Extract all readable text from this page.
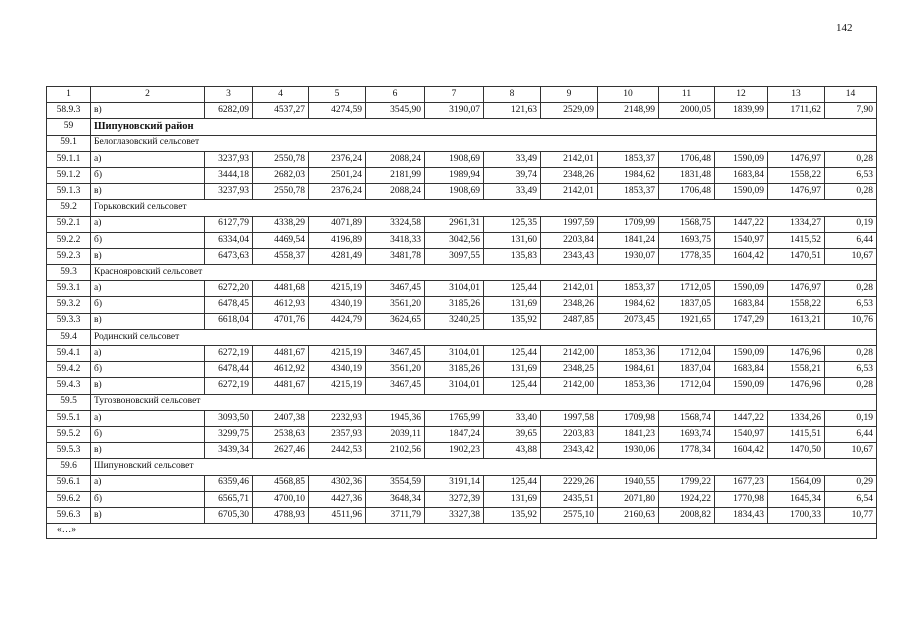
142
1	2	3	4	5	6	7	8	9	10	11	12	13	14
58.9.3	в)	6282,09	4537,27	4274,59	3545,90	3190,07	121,63	2529,09	2148,99	2000,05	1839,99	1711,62	7,90
59	Шипуновский район												
59.1	Белоглазовский сельсовет												
59.1.1	а)	3237,93	2550,78	2376,24	2088,24	1908,69	33,49	2142,01	1853,37	1706,48	1590,09	1476,97	0,28
59.1.2	б)	3444,18	2682,03	2501,24	2181,99	1989,94	39,74	2348,26	1984,62	1831,48	1683,84	1558,22	6,53
59.1.3	в)	3237,93	2550,78	2376,24	2088,24	1908,69	33,49	2142,01	1853,37	1706,48	1590,09	1476,97	0,28
59.2	Горьковский сельсовет												
59.2.1	а)	6127,79	4338,29	4071,89	3324,58	2961,31	125,35	1997,59	1709,99	1568,75	1447,22	1334,27	0,19
59.2.2	б)	6334,04	4469,54	4196,89	3418,33	3042,56	131,60	2203,84	1841,24	1693,75	1540,97	1415,52	6,44
59.2.3	в)	6473,63	4558,37	4281,49	3481,78	3097,55	135,83	2343,43	1930,07	1778,35	1604,42	1470,51	10,67
59.3	Краснояровский сельсовет												
59.3.1	а)	6272,20	4481,68	4215,19	3467,45	3104,01	125,44	2142,01	1853,37	1712,05	1590,09	1476,97	0,28
59.3.2	б)	6478,45	4612,93	4340,19	3561,20	3185,26	131,69	2348,26	1984,62	1837,05	1683,84	1558,22	6,53
59.3.3	в)	6618,04	4701,76	4424,79	3624,65	3240,25	135,92	2487,85	2073,45	1921,65	1747,29	1613,21	10,76
59.4	Родинский сельсовет												
59.4.1	а)	6272,19	4481,67	4215,19	3467,45	3104,01	125,44	2142,00	1853,36	1712,04	1590,09	1476,96	0,28
59.4.2	б)	6478,44	4612,92	4340,19	3561,20	3185,26	131,69	2348,25	1984,61	1837,04	1683,84	1558,21	6,53
59.4.3	в)	6272,19	4481,67	4215,19	3467,45	3104,01	125,44	2142,00	1853,36	1712,04	1590,09	1476,96	0,28
59.5	Тугозвоновский сельсовет												
59.5.1	а)	3093,50	2407,38	2232,93	1945,36	1765,99	33,40	1997,58	1709,98	1568,74	1447,22	1334,26	0,19
59.5.2	б)	3299,75	2538,63	2357,93	2039,11	1847,24	39,65	2203,83	1841,23	1693,74	1540,97	1415,51	6,44
59.5.3	в)	3439,34	2627,46	2442,53	2102,56	1902,23	43,88	2343,42	1930,06	1778,34	1604,42	1470,50	10,67
59.6	Шипуновский сельсовет												
59.6.1	а)	6359,46	4568,85	4302,36	3554,59	3191,14	125,44	2229,26	1940,55	1799,22	1677,23	1564,09	0,29
59.6.2	б)	6565,71	4700,10	4427,36	3648,34	3272,39	131,69	2435,51	2071,80	1924,22	1770,98	1645,34	6,54
59.6.3	в)	6705,30	4788,93	4511,96	3711,79	3327,38	135,92	2575,10	2160,63	2008,82	1834,43	1700,33	10,77
«…»													
